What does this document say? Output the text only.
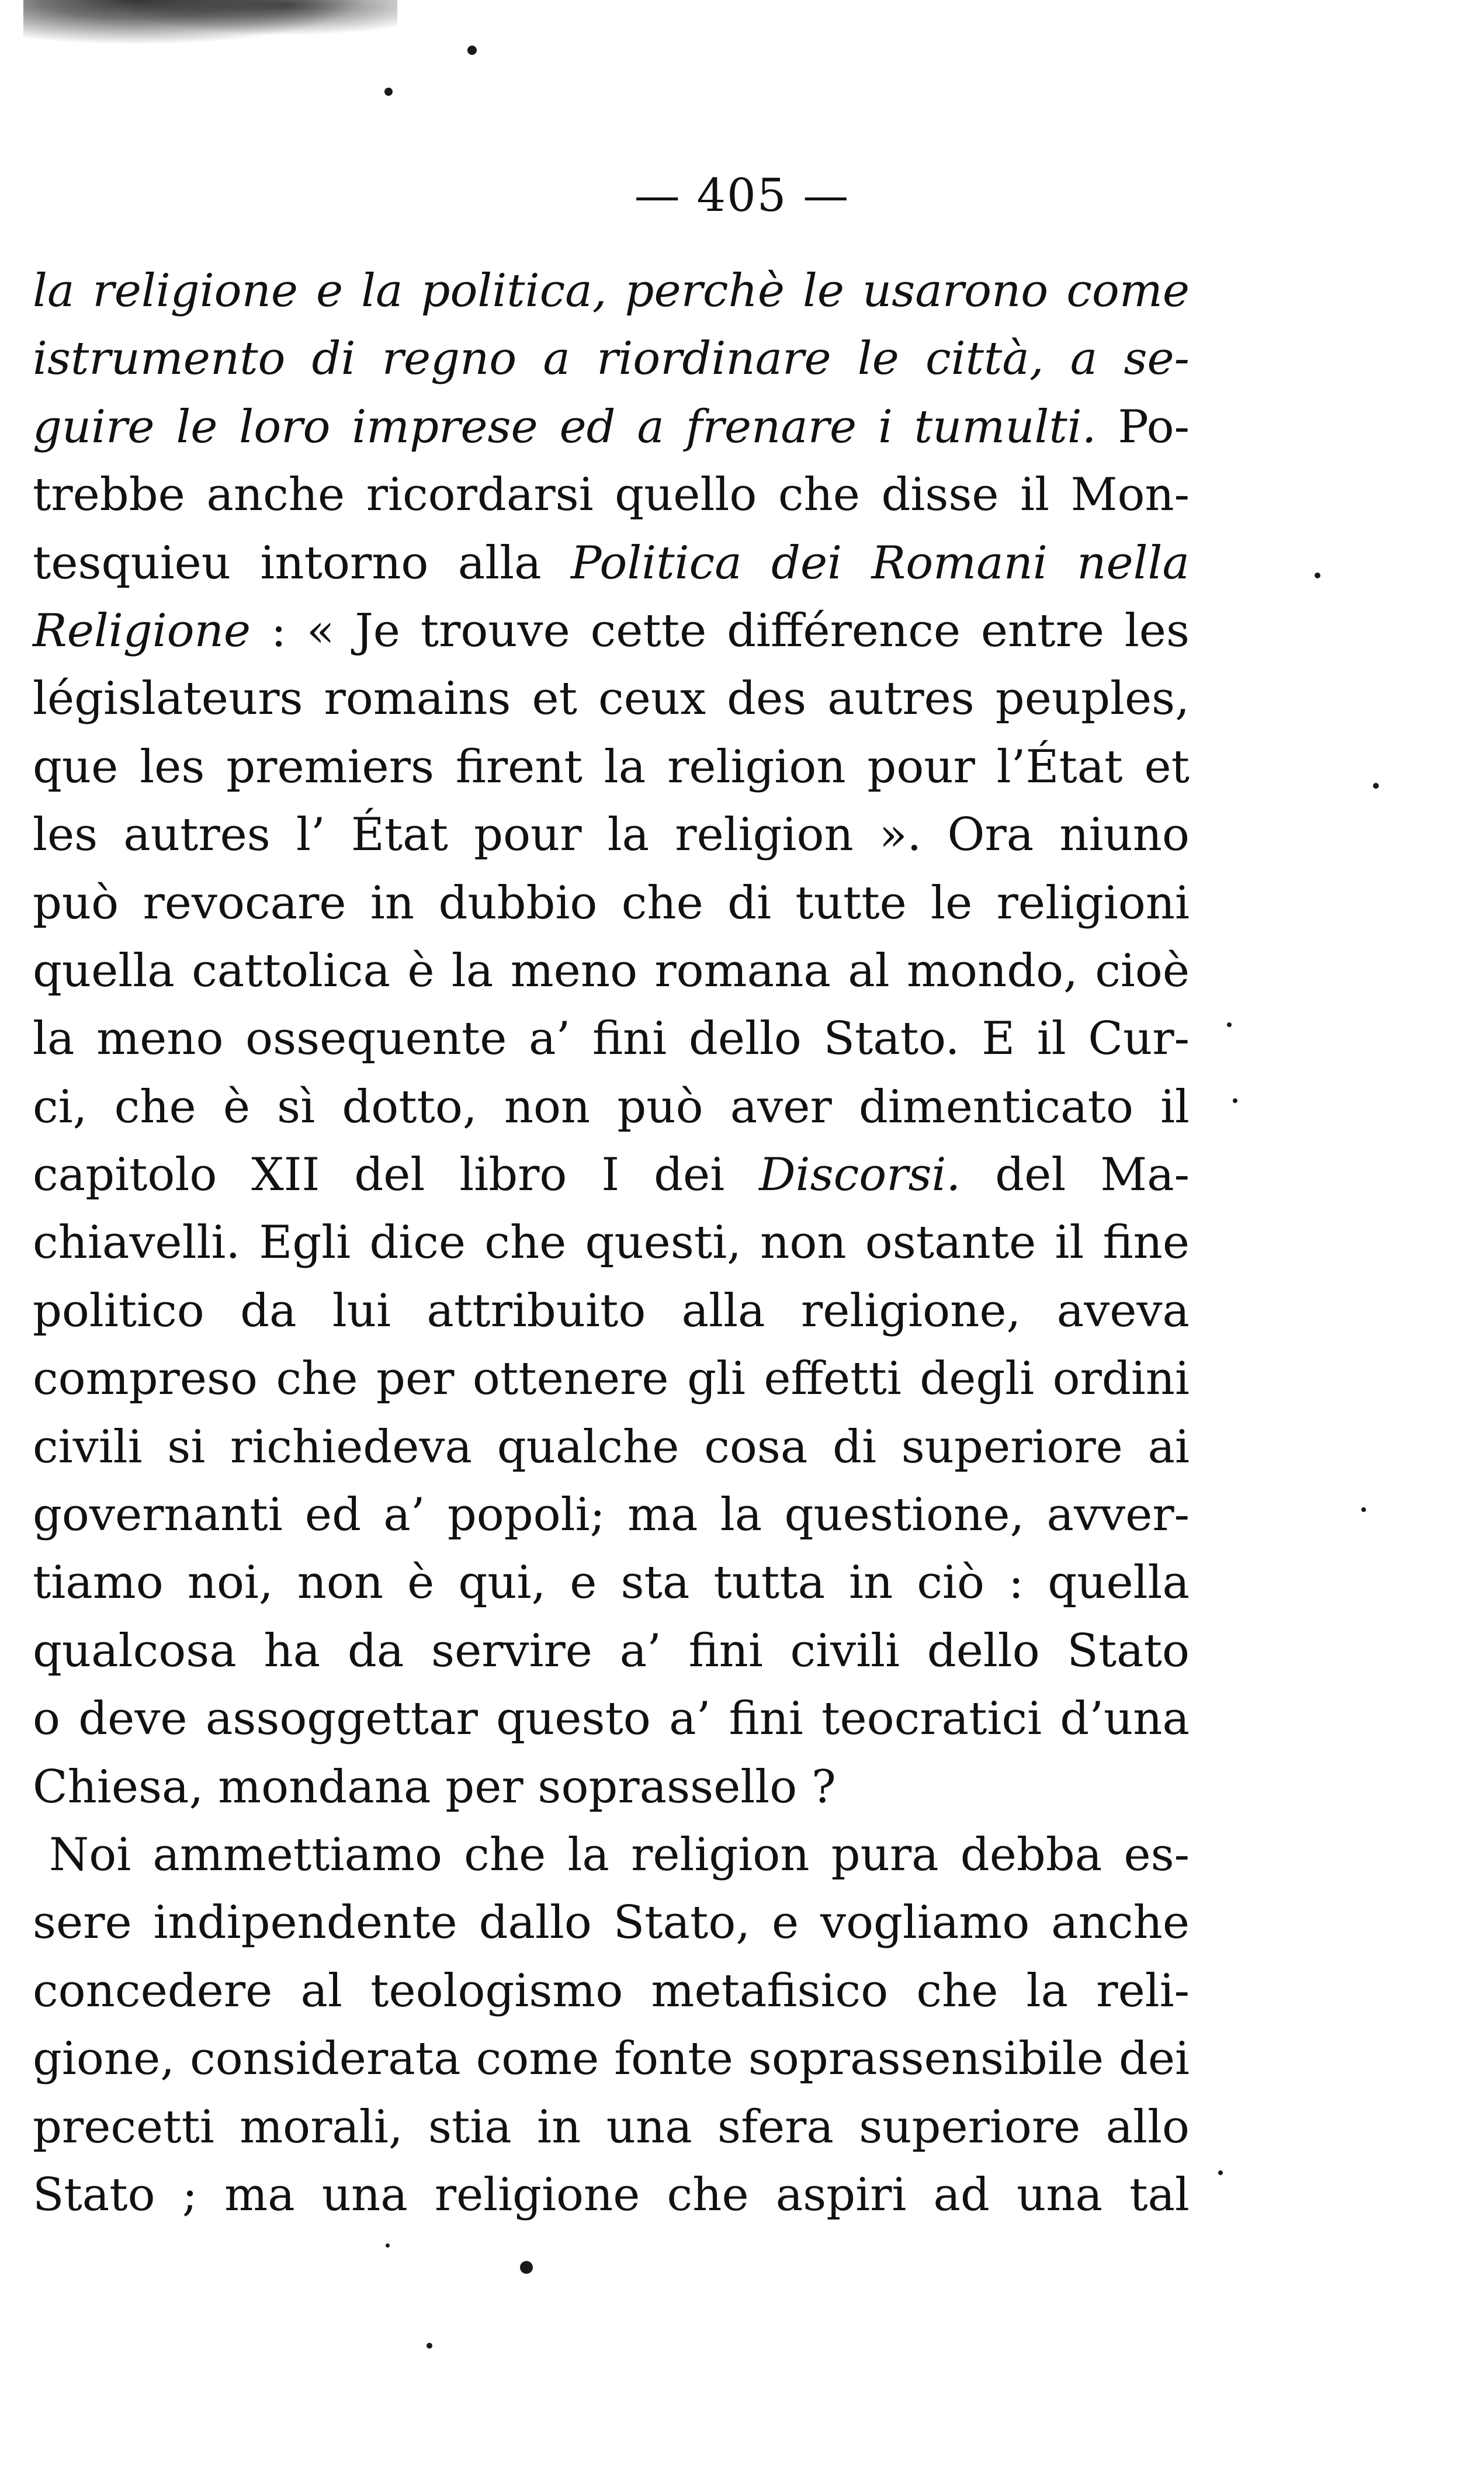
— 405 —
la religione e la politica, perchè le usarono come
istrumento di regno a riordinare le città, a se-
guire le loro imprese ed a frenare i tumulti. Po-
trebbe anche ricordarsi quello che disse il Mon-
tesquieu intorno alla Politica dei Romani nella
Religione : « Je trouve cette différence entre les
législateurs romains et ceux des autres peuples,
que les premiers firent la religion pour l’État et
les autres l’ État pour la religion ». Ora niuno
può revocare in dubbio che di tutte le religioni
quella cattolica è la meno romana al mondo, cioè
la meno ossequente a’ fini dello Stato. E il Cur-
ci, che è sì dotto, non può aver dimenticato il
capitolo XII del libro I dei Discorsi. del Ma-
chiavelli. Egli dice che questi, non ostante il fine
politico da lui attribuito alla religione, aveva
compreso che per ottenere gli effetti degli ordini
civili si richiedeva qualche cosa di superiore ai
governanti ed a’ popoli; ma la questione, avver-
tiamo noi, non è qui, e sta tutta in ciò : quella
qualcosa ha da servire a’ fini civili dello Stato
o deve assoggettar questo a’ fini teocratici d’una
Chiesa, mondana per soprassello ?
Noi ammettiamo che la religion pura debba es-
sere indipendente dallo Stato, e vogliamo anche
concedere al teologismo metafisico che la reli-
gione, considerata come fonte soprassensibile dei
precetti morali, stia in una sfera superiore allo
Stato ; ma una religione che aspiri ad una tal
